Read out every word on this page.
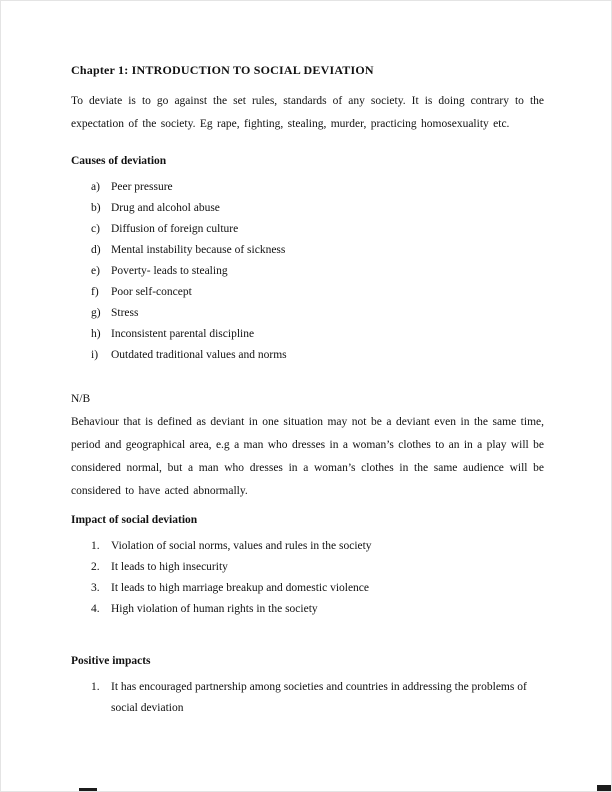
Chapter 1: INTRODUCTION TO SOCIAL DEVIATION

To deviate is to go against the set rules, standards of any society. It is doing contrary to the expectation of the society. Eg rape, fighting, stealing, murder, practicing homosexuality etc.

Causes of deviation
a) Peer pressure
b) Drug and alcohol abuse
c) Diffusion of foreign culture
d) Mental instability because of sickness
e) Poverty- leads to stealing
f)	Poor self-concept
g) Stress
h) Inconsistent parental discipline
i)	Outdated traditional values and norms
N/B

Behaviour that is defined as deviant in one situation may not be a deviant even in the same time, period and geographical area, e.g a man who dresses in a woman’s clothes to an in a play will be considered normal, but a man who dresses in a woman’s clothes in the same audience will be considered to have acted abnormally.

Impact of social deviation
1. Violation of social norms, values and rules in the society
2. It leads to high insecurity
3. It leads to high marriage breakup and domestic violence
4. High violation of human rights in the society
Positive impacts
1. It has encouraged partnership among societies and countries in addressing the problems of social deviation
